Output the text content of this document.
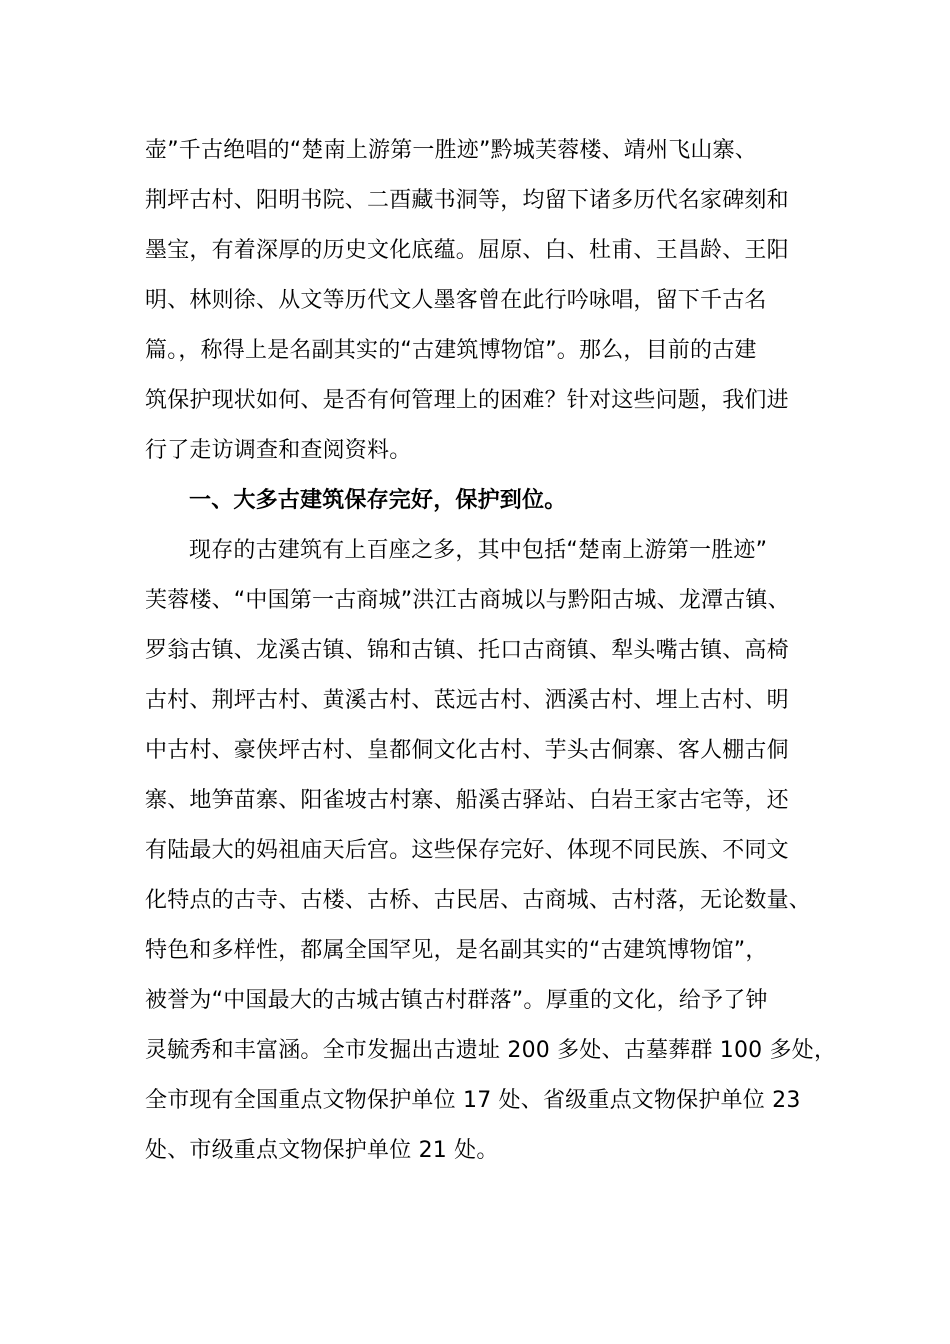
壶”千古绝唱的“楚南上游第一胜迹”黔城芙蓉楼、靖州飞山寨、
荆坪古村、阳明书院、二酉藏书洞等，均留下诸多历代名家碑刻和
墨宝，有着深厚的历史文化底蕴。屈原、白、杜甫、王昌龄、王阳
明、林则徐、从文等历代文人墨客曾在此行吟咏唱，留下千古名
篇。，称得上是名副其实的“古建筑博物馆”。那么，目前的古建
筑保护现状如何、是否有何管理上的困难？针对这些问题，我们进
行了走访调查和查阅资料。
一、大多古建筑保存完好，保护到位。
现存的古建筑有上百座之多，其中包括“楚南上游第一胜迹”
芙蓉楼、“中国第一古商城”洪江古商城以与黔阳古城、龙潭古镇、
罗翁古镇、龙溪古镇、锦和古镇、托口古商镇、犁头嘴古镇、高椅
古村、荆坪古村、黄溪古村、茋远古村、洒溪古村、埋上古村、明
中古村、豪侠坪古村、皇都侗文化古村、芋头古侗寨、客人棚古侗
寨、地笋苗寨、阳雀坡古村寨、船溪古驿站、白岩王家古宅等，还
有陆最大的妈祖庙天后宫。这些保存完好、体现不同民族、不同文
化特点的古寺、古楼、古桥、古民居、古商城、古村落，无论数量、
特色和多样性，都属全国罕见，是名副其实的“古建筑博物馆”，
被誉为“中国最大的古城古镇古村群落”。厚重的文化，给予了钟
灵毓秀和丰富涵。全市发掘出古遗址 200 多处、古墓葬群 100 多处，
全市现有全国重点文物保护单位 17 处、省级重点文物保护单位 23
处、市级重点文物保护单位 21 处。
